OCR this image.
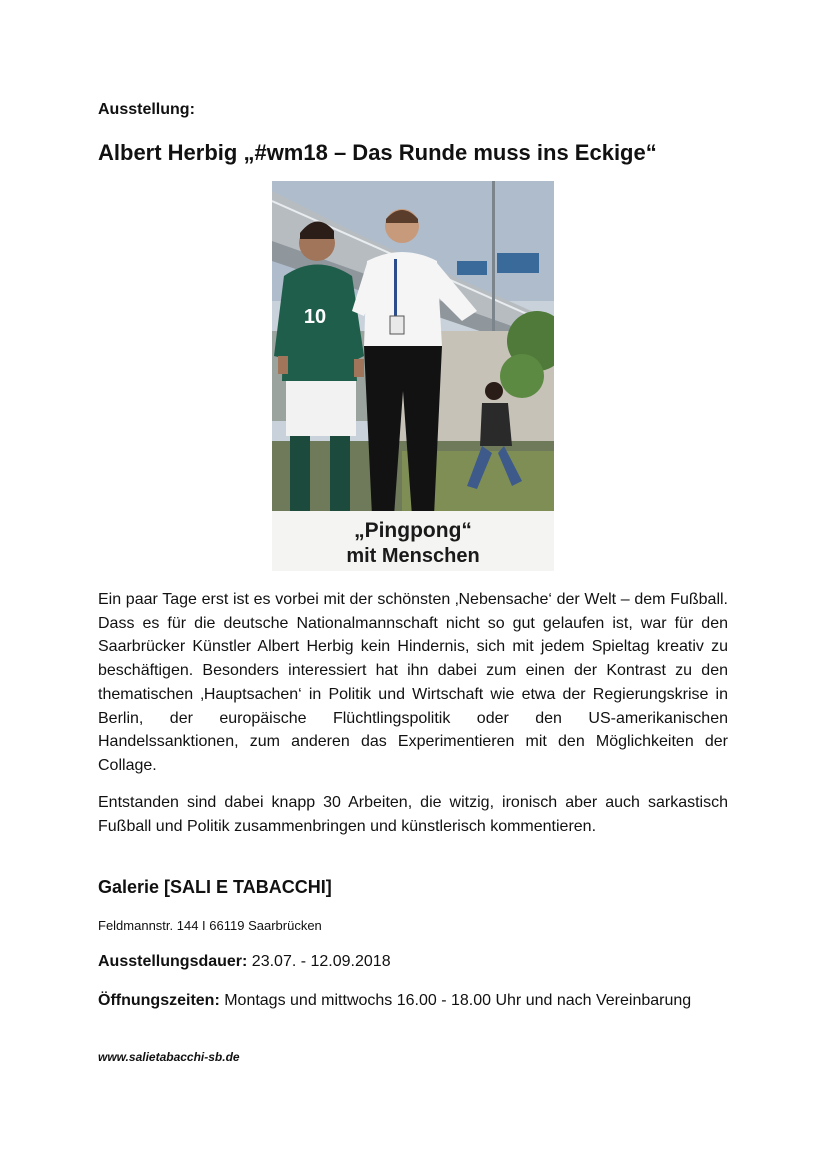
Ausstellung:
Albert Herbig „#wm18 – Das Runde muss ins Eckige“
10
„Pingpong“
mit Menschen

Ein paar Tage erst ist es vorbei mit der schönsten ‚Nebensache‘ der Welt – dem Fußball. Dass es für die deutsche Nationalmannschaft nicht so gut gelaufen ist, war für den Saarbrücker Künstler Albert Herbig kein Hindernis, sich mit jedem Spieltag kreativ zu beschäftigen. Besonders interessiert hat ihn dabei zum einen der Kontrast zu den thematischen ‚Hauptsachen‘ in Politik und Wirtschaft wie etwa der Regierungskrise in Berlin, der europäische Flüchtlingspolitik oder den US-amerikanischen Handelssanktionen, zum anderen das Experimentieren mit den Möglichkeiten der Collage.

Entstanden sind dabei knapp 30 Arbeiten, die witzig, ironisch aber auch sarkastisch Fußball und Politik zusammenbringen und künstlerisch kommentieren.

Galerie [SALI E TABACCHI]
Feldmannstr. 144 I 66119 Saarbrücken
Ausstellungsdauer: 23.07. - 12.09.2018
Öffnungszeiten: Montags und mittwochs 16.00 - 18.00 Uhr und nach Vereinbarung
www.salietabacchi-sb.de
